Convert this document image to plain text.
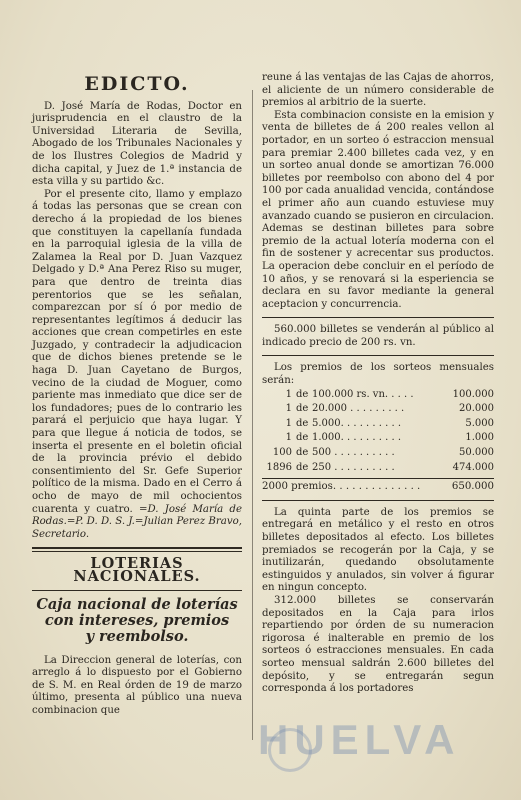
EDICTO.

D. José María de Rodas, Doctor en jurisprudencia en el claustro de la Universidad Literaria de Sevilla, Abogado de los Tribunales Nacionales y de los Ilustres Colegios de Madrid y dicha capital, y Juez de 1.ª instancia de esta villa y su partido &c.

Por el presente cito, llamo y emplazo á todas las personas que se crean con derecho á la propiedad de los bienes que constituyen la capellanía fundada en la parroquial iglesia de la villa de Zalamea la Real por D. Juan Vazquez Delgado y D.ª Ana Perez Riso su muger, para que dentro de treinta dias perentorios que se les señalan, comparezcan por sí ó por medio de representantes legítimos á deducir las acciones que crean competirles en este Juzgado, y contradecir la adjudicacion que de dichos bienes pretende se le haga D. Juan Cayetano de Burgos, vecino de la ciudad de Moguer, como pariente mas inmediato que dice ser de los fundadores; pues de lo contrario les parará el perjuicio que haya lugar. Y para que llegue á noticia de todos, se inserta el presente en el boletin oficial de la provincia prévio el debido consentimiento del Sr. Gefe Superior político de la misma. Dado en el Cerro á ocho de mayo de mil ochocientos cuarenta y cuatro. =D. José María de Rodas.=P. D. D. S. J.=Julian Perez Bravo, Secretario.

LOTERIAS NACIONALES.
Caja nacional de loterías
con intereses, premios
y reembolso.

La Direccion general de loterías, con arreglo á lo dispuesto por el Gobierno de S. M. en Real órden de 19 de marzo último, presenta al público una nueva combinacion que

reune á las ventajas de las Cajas de ahorros, el aliciente de un número considerable de premios al arbitrio de la suerte.

Esta combinacion consiste en la emision y venta de billetes de á 200 reales vellon al portador, en un sorteo ó estraccion mensual para premiar 2.400 billetes cada vez, y en un sorteo anual donde se amortizan 76.000 billetes por reembolso con abono del 4 por 100 por cada anualidad vencida, contándose el primer año aun cuando estuviese muy avanzado cuando se pusieron en circulacion. Ademas se destinan billetes para sobre premio de la actual lotería moderna con el fin de sostener y acrecentar sus productos. La operacion debe concluir en el período de 10 años, y se renovará si la esperiencia se declara en su favor mediante la general aceptacion y concurrencia.

560.000 billetes se venderán al público al indicado precio de 200 rs. vn.

Los premios de los sorteos mensuales serán:

1	de	100.000 rs. vn. . . . .	100.000
1	de	20.000 . . . . . . . . .	20.000
1	de	5.000. . . . . . . . . .	5.000
1	de	1.000. . . . . . . . . .	1.000
100	de	500 . . . . . . . . . .	50.000
1896	de	250 . . . . . . . . . .	474.000
2000 premios. . . . . . . . . . . . . .	650.000

La quinta parte de los premios se entregará en metálico y el resto en otros billetes depositados al efecto. Los billetes premiados se recogerán por la Caja, y se inutilizarán, quedando obsolutamente estinguidos y anulados, sin volver á figurar en ningun concepto.

312.000 billetes se conservarán depositados en la Caja para irlos repartiendo por órden de su numeracion rigorosa é inalterable en premio de los sorteos ó estracciones mensuales. En cada sorteo mensual saldrán 2.600 billetes del depósito, y se entregarán segun corresponda á los portadores

HUELVA
